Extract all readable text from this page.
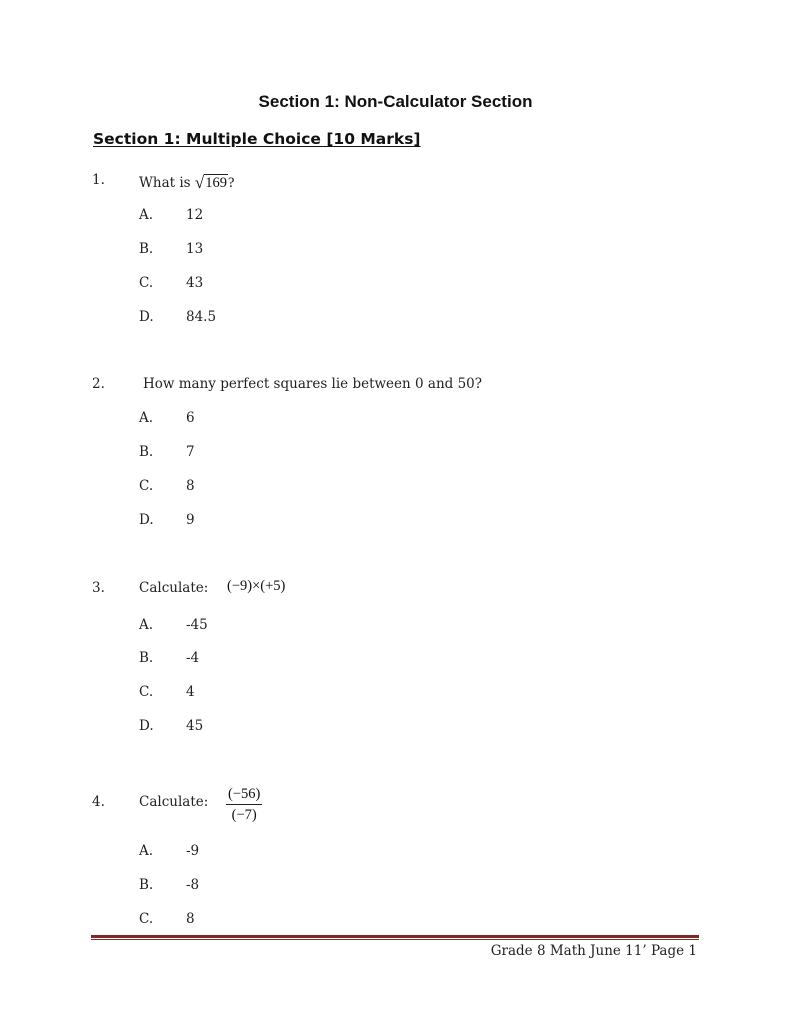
Section 1: Non-Calculator Section
Section 1: Multiple Choice [10 Marks]
1.	What is √169?
A. 12
B. 13
C. 43
D. 84.5
2.	How many perfect squares lie between 0 and 50?
A. 6
B. 7
C. 8
D. 9
3.	Calculate: (−9)×(+5)
A. -45
B. -4
C. 4
D. 45
4.	Calculate: $\frac{(-56)}{(-7)}$
A. -9
B. -8
C. 8
Grade 8 Math June 11’ Page 1
